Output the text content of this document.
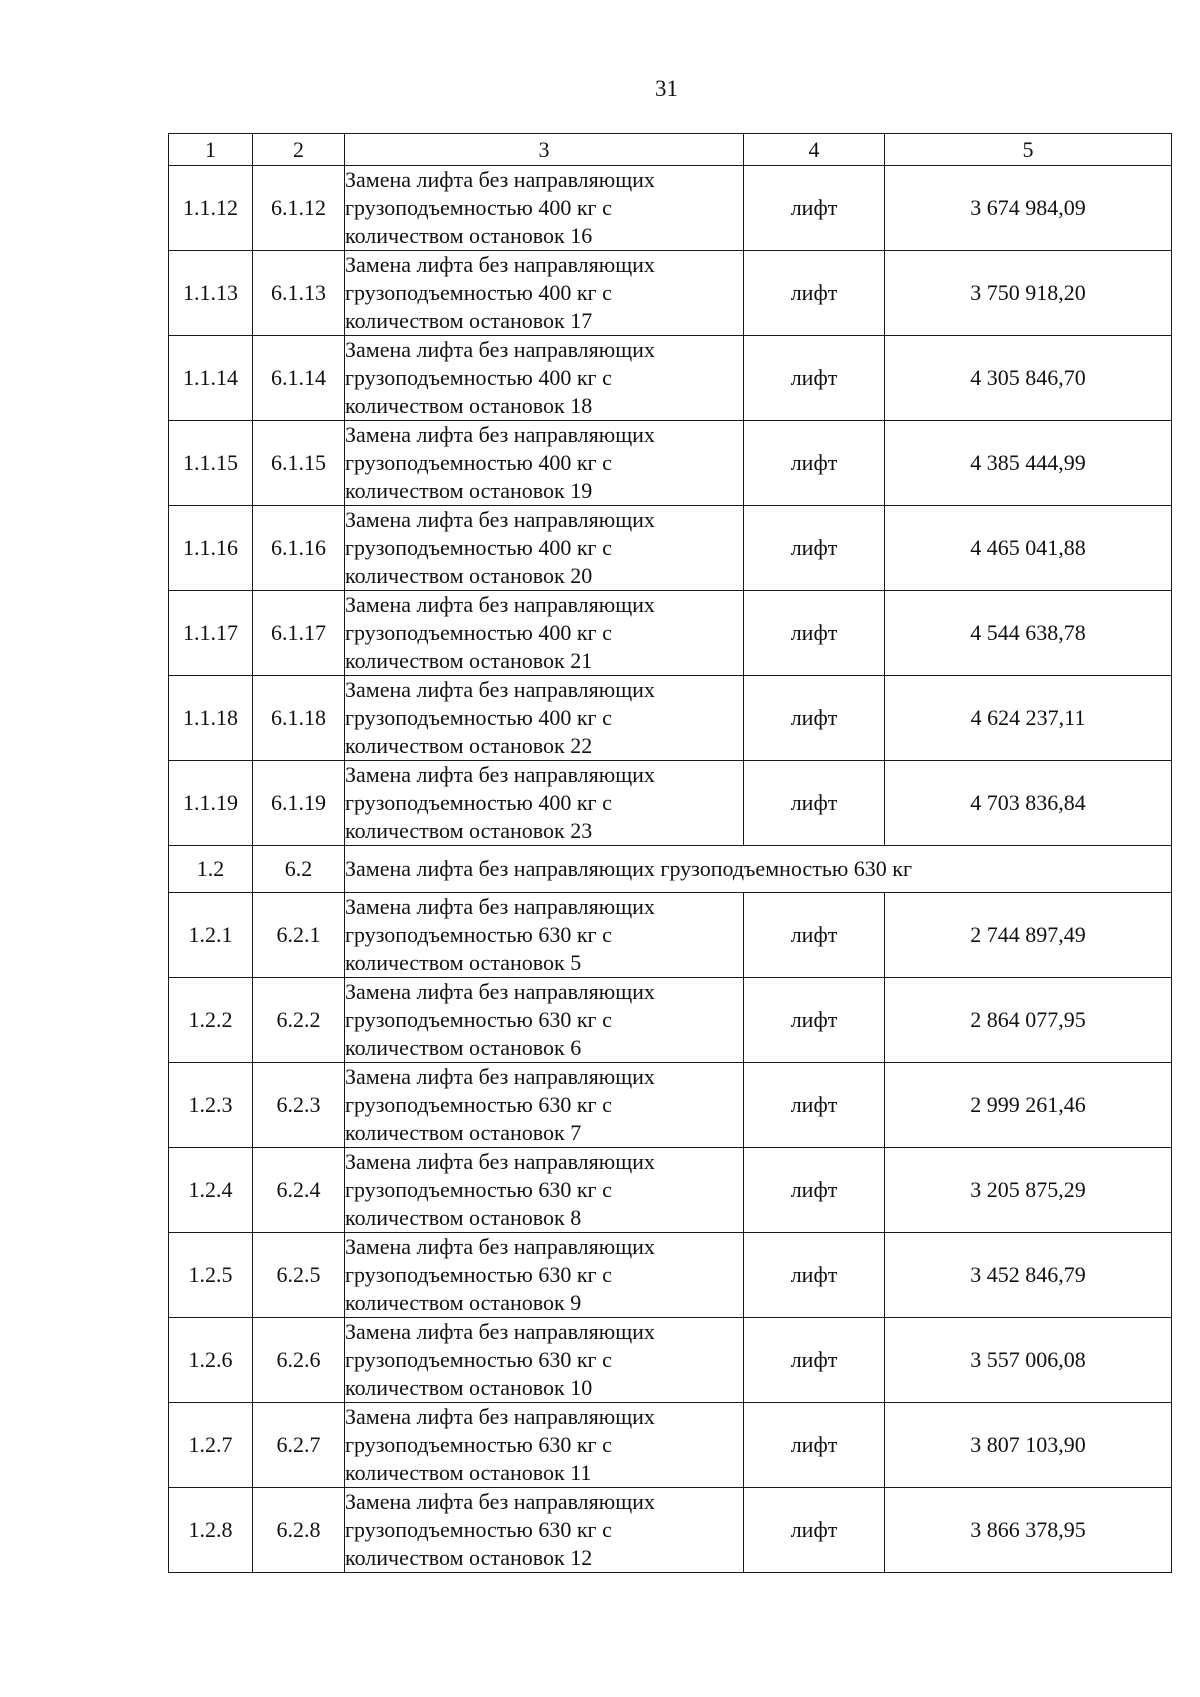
31
1	2	3	4	5
1.1.12	6.1.12	Замена лифта без направляющих
грузоподъемностью 400 кг с
количеством остановок 16	лифт	3 674 984,09
1.1.13	6.1.13	Замена лифта без направляющих
грузоподъемностью 400 кг с
количеством остановок 17	лифт	3 750 918,20
1.1.14	6.1.14	Замена лифта без направляющих
грузоподъемностью 400 кг с
количеством остановок 18	лифт	4 305 846,70
1.1.15	6.1.15	Замена лифта без направляющих
грузоподъемностью 400 кг с
количеством остановок 19	лифт	4 385 444,99
1.1.16	6.1.16	Замена лифта без направляющих
грузоподъемностью 400 кг с
количеством остановок 20	лифт	4 465 041,88
1.1.17	6.1.17	Замена лифта без направляющих
грузоподъемностью 400 кг с
количеством остановок 21	лифт	4 544 638,78
1.1.18	6.1.18	Замена лифта без направляющих
грузоподъемностью 400 кг с
количеством остановок 22	лифт	4 624 237,11
1.1.19	6.1.19	Замена лифта без направляющих
грузоподъемностью 400 кг с
количеством остановок 23	лифт	4 703 836,84
1.2	6.2	Замена лифта без направляющих грузоподъемностью 630 кг		
1.2.1	6.2.1	Замена лифта без направляющих
грузоподъемностью 630 кг с
количеством остановок 5	лифт	2 744 897,49
1.2.2	6.2.2	Замена лифта без направляющих
грузоподъемностью 630 кг с
количеством остановок 6	лифт	2 864 077,95
1.2.3	6.2.3	Замена лифта без направляющих
грузоподъемностью 630 кг с
количеством остановок 7	лифт	2 999 261,46
1.2.4	6.2.4	Замена лифта без направляющих
грузоподъемностью 630 кг с
количеством остановок 8	лифт	3 205 875,29
1.2.5	6.2.5	Замена лифта без направляющих
грузоподъемностью 630 кг с
количеством остановок 9	лифт	3 452 846,79
1.2.6	6.2.6	Замена лифта без направляющих
грузоподъемностью 630 кг с
количеством остановок 10	лифт	3 557 006,08
1.2.7	6.2.7	Замена лифта без направляющих
грузоподъемностью 630 кг с
количеством остановок 11	лифт	3 807 103,90
1.2.8	6.2.8	Замена лифта без направляющих
грузоподъемностью 630 кг с
количеством остановок 12	лифт	3 866 378,95
